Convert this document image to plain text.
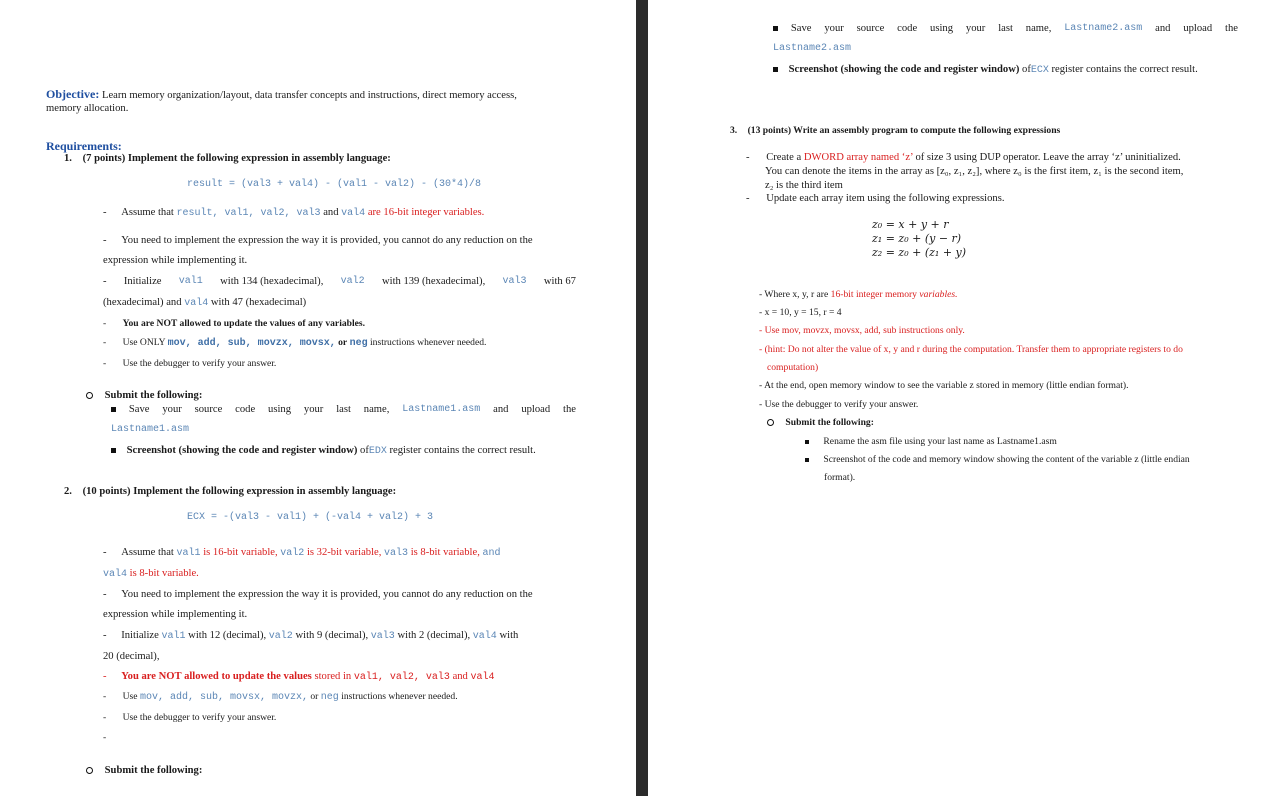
Objective: Learn memory organization/layout, data transfer concepts and instructions, direct memory access,
memory allocation.
Requirements:
1. (7 points) Implement the following expression in assembly language:
result = (val3 + val4) - (val1 - val2) - (30*4)/8
- Assume that result, val1, val2, val3 and val4 are 16-bit integer variables.
- You need to implement the expression the way it is provided, you cannot do any reduction on the
expression while implementing it.
- Initialize val1 with 134 (hexadecimal), val2 with 139 (hexadecimal), val3 with 67
(hexadecimal) and val4 with 47 (hexadecimal)
- You are NOT allowed to update the values of any variables.
- Use ONLY mov, add, sub, movzx, movsx, or neg instructions whenever needed.
- Use the debugger to verify your answer.
Submit the following:
Save your source code using your last name, Lastname1.asm and upload the
Lastname1.asm
Screenshot (showing the code and register window) ofEDX register contains the correct result.
2. (10 points) Implement the following expression in assembly language:
ECX = -(val3 - val1) + (-val4 + val2) + 3
- Assume that val1 is 16-bit variable, val2 is 32-bit variable, val3 is 8-bit variable, and
val4 is 8-bit variable.
- You need to implement the expression the way it is provided, you cannot do any reduction on the
expression while implementing it.
- Initialize val1 with 12 (decimal), val2 with 9 (decimal), val3 with 2 (decimal), val4 with
20 (decimal),
- You are NOT allowed to update the values stored in val1, val2, val3 and val4
- Use mov, add, sub, movsx, movzx, or neg instructions whenever needed.
- Use the debugger to verify your answer.
-
Submit the following:
Save your source code using your last name, Lastname2.asm and upload the
Lastname2.asm
Screenshot (showing the code and register window) ofECX register contains the correct result.
3. (13 points) Write an assembly program to compute the following expressions
- Create a DWORD array named ‘z’ of size 3 using DUP operator. Leave the array ‘z’ uninitialized.
You can denote the items in the array as [z₀, z₁, z₂], where z₀ is the first item, z₁ is the second item,
z₂ is the third item
- Update each array item using the following expressions.
z₀ = x + y + r
z₁ = z₀ + (y − r)
z₂ = z₀ + (z₁ + y)
- Where x, y, r are 16-bit integer memory variables.
- x = 10, y = 15, r = 4
- Use mov, movzx, movsx, add, sub instructions only.
- (hint: Do not alter the value of x, y and r during the computation. Transfer them to appropriate registers to do
computation)
- At the end, open memory window to see the variable z stored in memory (little endian format).
- Use the debugger to verify your answer.
Submit the following:
Rename the asm file using your last name as Lastname1.asm
Screenshot of the code and memory window showing the content of the variable z (little endian
format).
